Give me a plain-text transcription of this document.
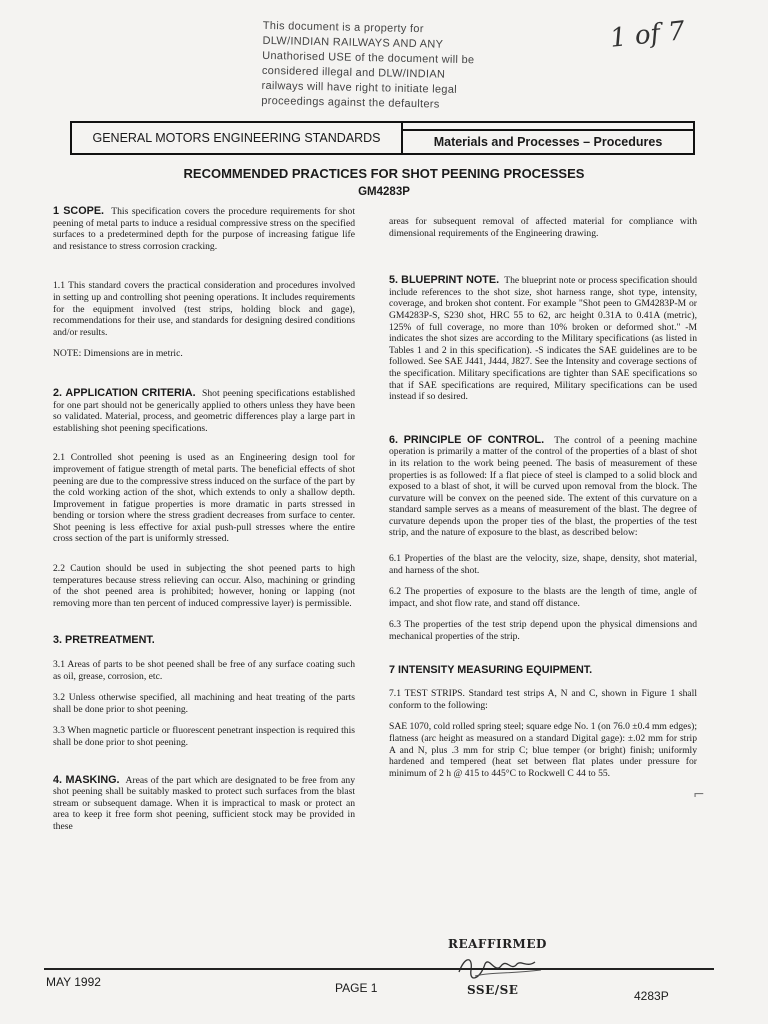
This document is a property for
DLW/INDIAN RAILWAYS AND ANY
Unathorised USE of the document will be
considered illegal and DLW/INDIAN
railways will have right to initiate legal
proceedings against the defaulters
1 of 7
GENERAL MOTORS ENGINEERING STANDARDS	Materials and Processes – Procedures
RECOMMENDED PRACTICES FOR SHOT PEENING PROCESSES
GM4283P

1 SCOPE. This specification covers the procedure requirements for shot peening of metal parts to induce a residual compressive stress on the specified surfaces to a predetermined depth for the purpose of increasing fatigue life and resistance to stress corrosion cracking.

1.1 This standard covers the practical consideration and procedures involved in setting up and controlling shot peening operations. It includes requirements for the equipment involved (test strips, holding block and gage), recommendations for their use, and standards for designing desired conditions and/or results.

NOTE: Dimensions are in metric.

2. APPLICATION CRITERIA. Shot peening specifications established for one part should not be generically applied to others unless they have been so validated. Material, process, and geometric differences play a large part in establishing shot peening specifications.

2.1 Controlled shot peening is used as an Engineering design tool for improvement of fatigue strength of metal parts. The beneficial effects of shot peening are due to the compressive stress induced on the surface of the part by the cold working action of the shot, which extends to only a shallow depth. Improvement in fatigue properties is more dramatic in parts stressed in bending or torsion where the stress gradient decreases from surface to center. Shot peening is less effective for axial push-pull stresses where the entire cross section of the part is uniformly stressed.

2.2 Caution should be used in subjecting the shot peened parts to high temperatures because stress relieving can occur. Also, machining or grinding of the shot peened area is prohibited; however, honing or lapping (not removing more than ten percent of induced compressive layer) is permissible.

3. PRETREATMENT.

3.1 Areas of parts to be shot peened shall be free of any surface coating such as oil, grease, corrosion, etc.

3.2 Unless otherwise specified, all machining and heat treating of the parts shall be done prior to shot peening.

3.3 When magnetic particle or fluorescent penetrant inspection is required this shall be done prior to shot peening.

4. MASKING. Areas of the part which are designated to be free from any shot peening shall be suitably masked to protect such surfaces from the blast stream or subsequent damage. When it is impractical to mask or protect an area to keep it free form shot peening, sufficient stock may be provided in these

areas for subsequent removal of affected material for compliance with dimensional requirements of the Engineering drawing.

5. BLUEPRINT NOTE. The blueprint note or process specification should include references to the shot size, shot harness range, shot type, intensity, coverage, and broken shot content. For example "Shot peen to GM4283P-M or GM4283P-S, S230 shot, HRC 55 to 62, arc height 0.31A to 0.41A (metric), 125% of full coverage, no more than 10% broken or deformed shot." -M indicates the shot sizes are according to the Military specifications (as listed in Tables 1 and 2 in this specification). -S indicates the SAE guidelines are to be followed. See SAE J441, J444, J827. See the Intensity and coverage sections of the specification. Military specifications are tighter than SAE specifications so that if SAE specifications are required, Military specifications can be used instead if so desired.

6. PRINCIPLE OF CONTROL. The control of a peening machine operation is primarily a matter of the control of the properties of a blast of shot in its relation to the work being peened. The basis of measurement of these properties is as followed: If a flat piece of steel is clamped to a solid block and exposed to a blast of shot, it will be curved upon removal from the block. The curvature will be convex on the peened side. The extent of this curvature on a standard sample serves as a means of measurement of the blast. The degree of curvature depends upon the proper ties of the blast, the properties of the test strip, and the nature of exposure to the blast, as described below:

6.1 Properties of the blast are the velocity, size, shape, density, shot material, and harness of the shot.

6.2 The properties of exposure to the blasts are the length of time, angle of impact, and shot flow rate, and stand off distance.

6.3 The properties of the test strip depend upon the physical dimensions and mechanical properties of the strip.

7 INTENSITY MEASURING EQUIPMENT.

7.1 TEST STRIPS. Standard test strips A, N and C, shown in Figure 1 shall conform to the following:

SAE 1070, cold rolled spring steel; square edge No. 1 (on 76.0 ±0.4 mm edges); flatness (arc height as measured on a standard Digital gage): ±.02 mm for strip A and N, plus .3 mm for strip C; blue temper (or bright) finish; uniformly hardened and tempered (heat set between flat plates under pressure for minimum of 2 h @ 415 to 445°C to Rockwell C 44 to 55.

⌐
REAFFIRMED
SSE/SE
MAY 1992	PAGE 1
4283P
